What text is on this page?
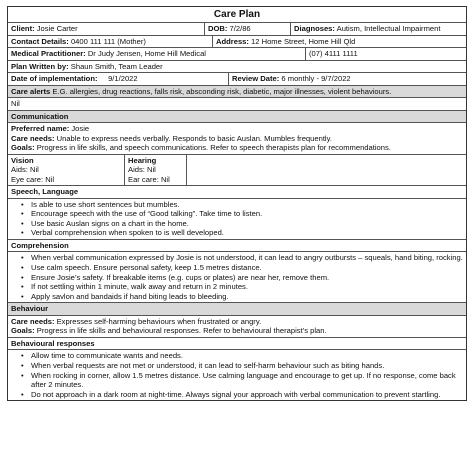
Care Plan
Client: Josie Carter	DOB: 7/2/86	Diagnoses: Autism, Intellectual Impairment
Contact Details: 0400 111 111 (Mother)	Address: 12 Home Street, Home Hill Qld
Medical Practitioner: Dr Judy Jensen, Home Hill Medical	(07) 4111 1111
Plan Written by: Shaun Smith, Team Leader
Date of implementation: 9/1/2022	Review Date: 6 monthly - 9/7/2022
Care alerts E.G. allergies, drug reactions, falls risk, absconding risk, diabetic, major illnesses, violent behaviours.
Nil
Communication
Preferred name: Josie
Care needs: Unable to express needs verbally. Responds to basic Auslan. Mumbles frequently.
Goals: Progress in life skills, and speech communications. Refer to speech therapists plan for recommendations.
Vision
Aids: Nil
Eye care: Nil
Hearing
Aids: Nil
Ear care: Nil
Speech, Language
• Is able to use short sentences but mumbles.
• Encourage speech with the use of “Good talking”. Take time to listen.
• Use basic Auslan signs on a chart in the home.
• Verbal comprehension when spoken to is well developed.
Comprehension
• When verbal communication expressed by Josie is not understood, it can lead to angry outbursts – squeals, hand biting, rocking.
• Use calm speech. Ensure personal safety, keep 1.5 metres distance.
• Ensure Josie’s safety. If breakable items (e.g. cups or plates) are near her, remove them.
• If not settling within 1 minute, walk away and return in 2 minutes.
• Apply savlon and bandaids if hand biting leads to bleeding.
Behaviour
Care needs: Expresses self-harming behaviours when frustrated or angry.
Goals: Progress in life skills and behavioural responses. Refer to behavioural therapist’s plan.
Behavioural responses
• Allow time to communicate wants and needs.
• When verbal requests are not met or understood, it can lead to self-harm behaviour such as biting hands.
• When rocking in corner, allow 1.5 metres distance. Use calming language and encourage to get up. If no response, come back after 2 minutes.
• Do not approach in a dark room at night-time. Always signal your approach with verbal communication to prevent startling.
